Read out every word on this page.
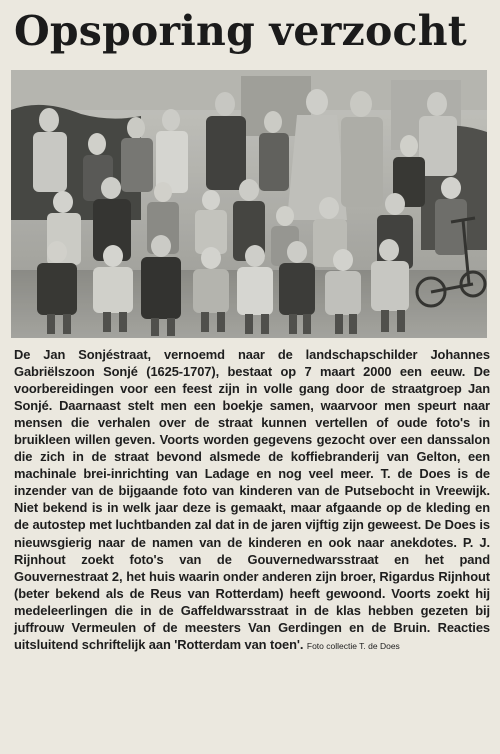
Opsporing verzocht

De Jan Sonjéstraat, vernoemd naar de landschapschilder Johannes Gabriëlszoon Sonjé (1625-1707), bestaat op 7 maart 2000 een eeuw. De voorbereidingen voor een feest zijn in volle gang door de straatgroep Jan Sonjé. Daarnaast stelt men een boekje samen, waarvoor men speurt naar mensen die verhalen over de straat kunnen vertellen of oude foto's in bruikleen willen geven. Voorts worden gegevens gezocht over een danssalon die zich in de straat bevond alsmede de koffiebranderij van Gelton, een machinale brei-inrichting van Ladage en nog veel meer. T. de Does is de inzender van de bijgaande foto van kinderen van de Putsebocht in Vreewijk. Niet bekend is in welk jaar deze is gemaakt, maar afgaande op de kleding en de autostep met luchtbanden zal dat in de jaren vijftig zijn geweest. De Does is nieuwsgierig naar de namen van de kinderen en ook naar anekdotes. P. J. Rijnhout zoekt foto's van de Gouvernedwarsstraat en het pand Gouvernestraat 2, het huis waarin onder anderen zijn broer, Rigardus Rijnhout (beter bekend als de Reus van Rotterdam) heeft gewoond. Voorts zoekt hij medeleerlingen die in de Gaffeldwarsstraat in de klas hebben gezeten bij juffrouw Vermeulen of de meesters Van Gerdingen en de Bruin. Reacties uitsluitend schriftelijk aan 'Rotterdam van toen'. Foto collectie T. de Does
